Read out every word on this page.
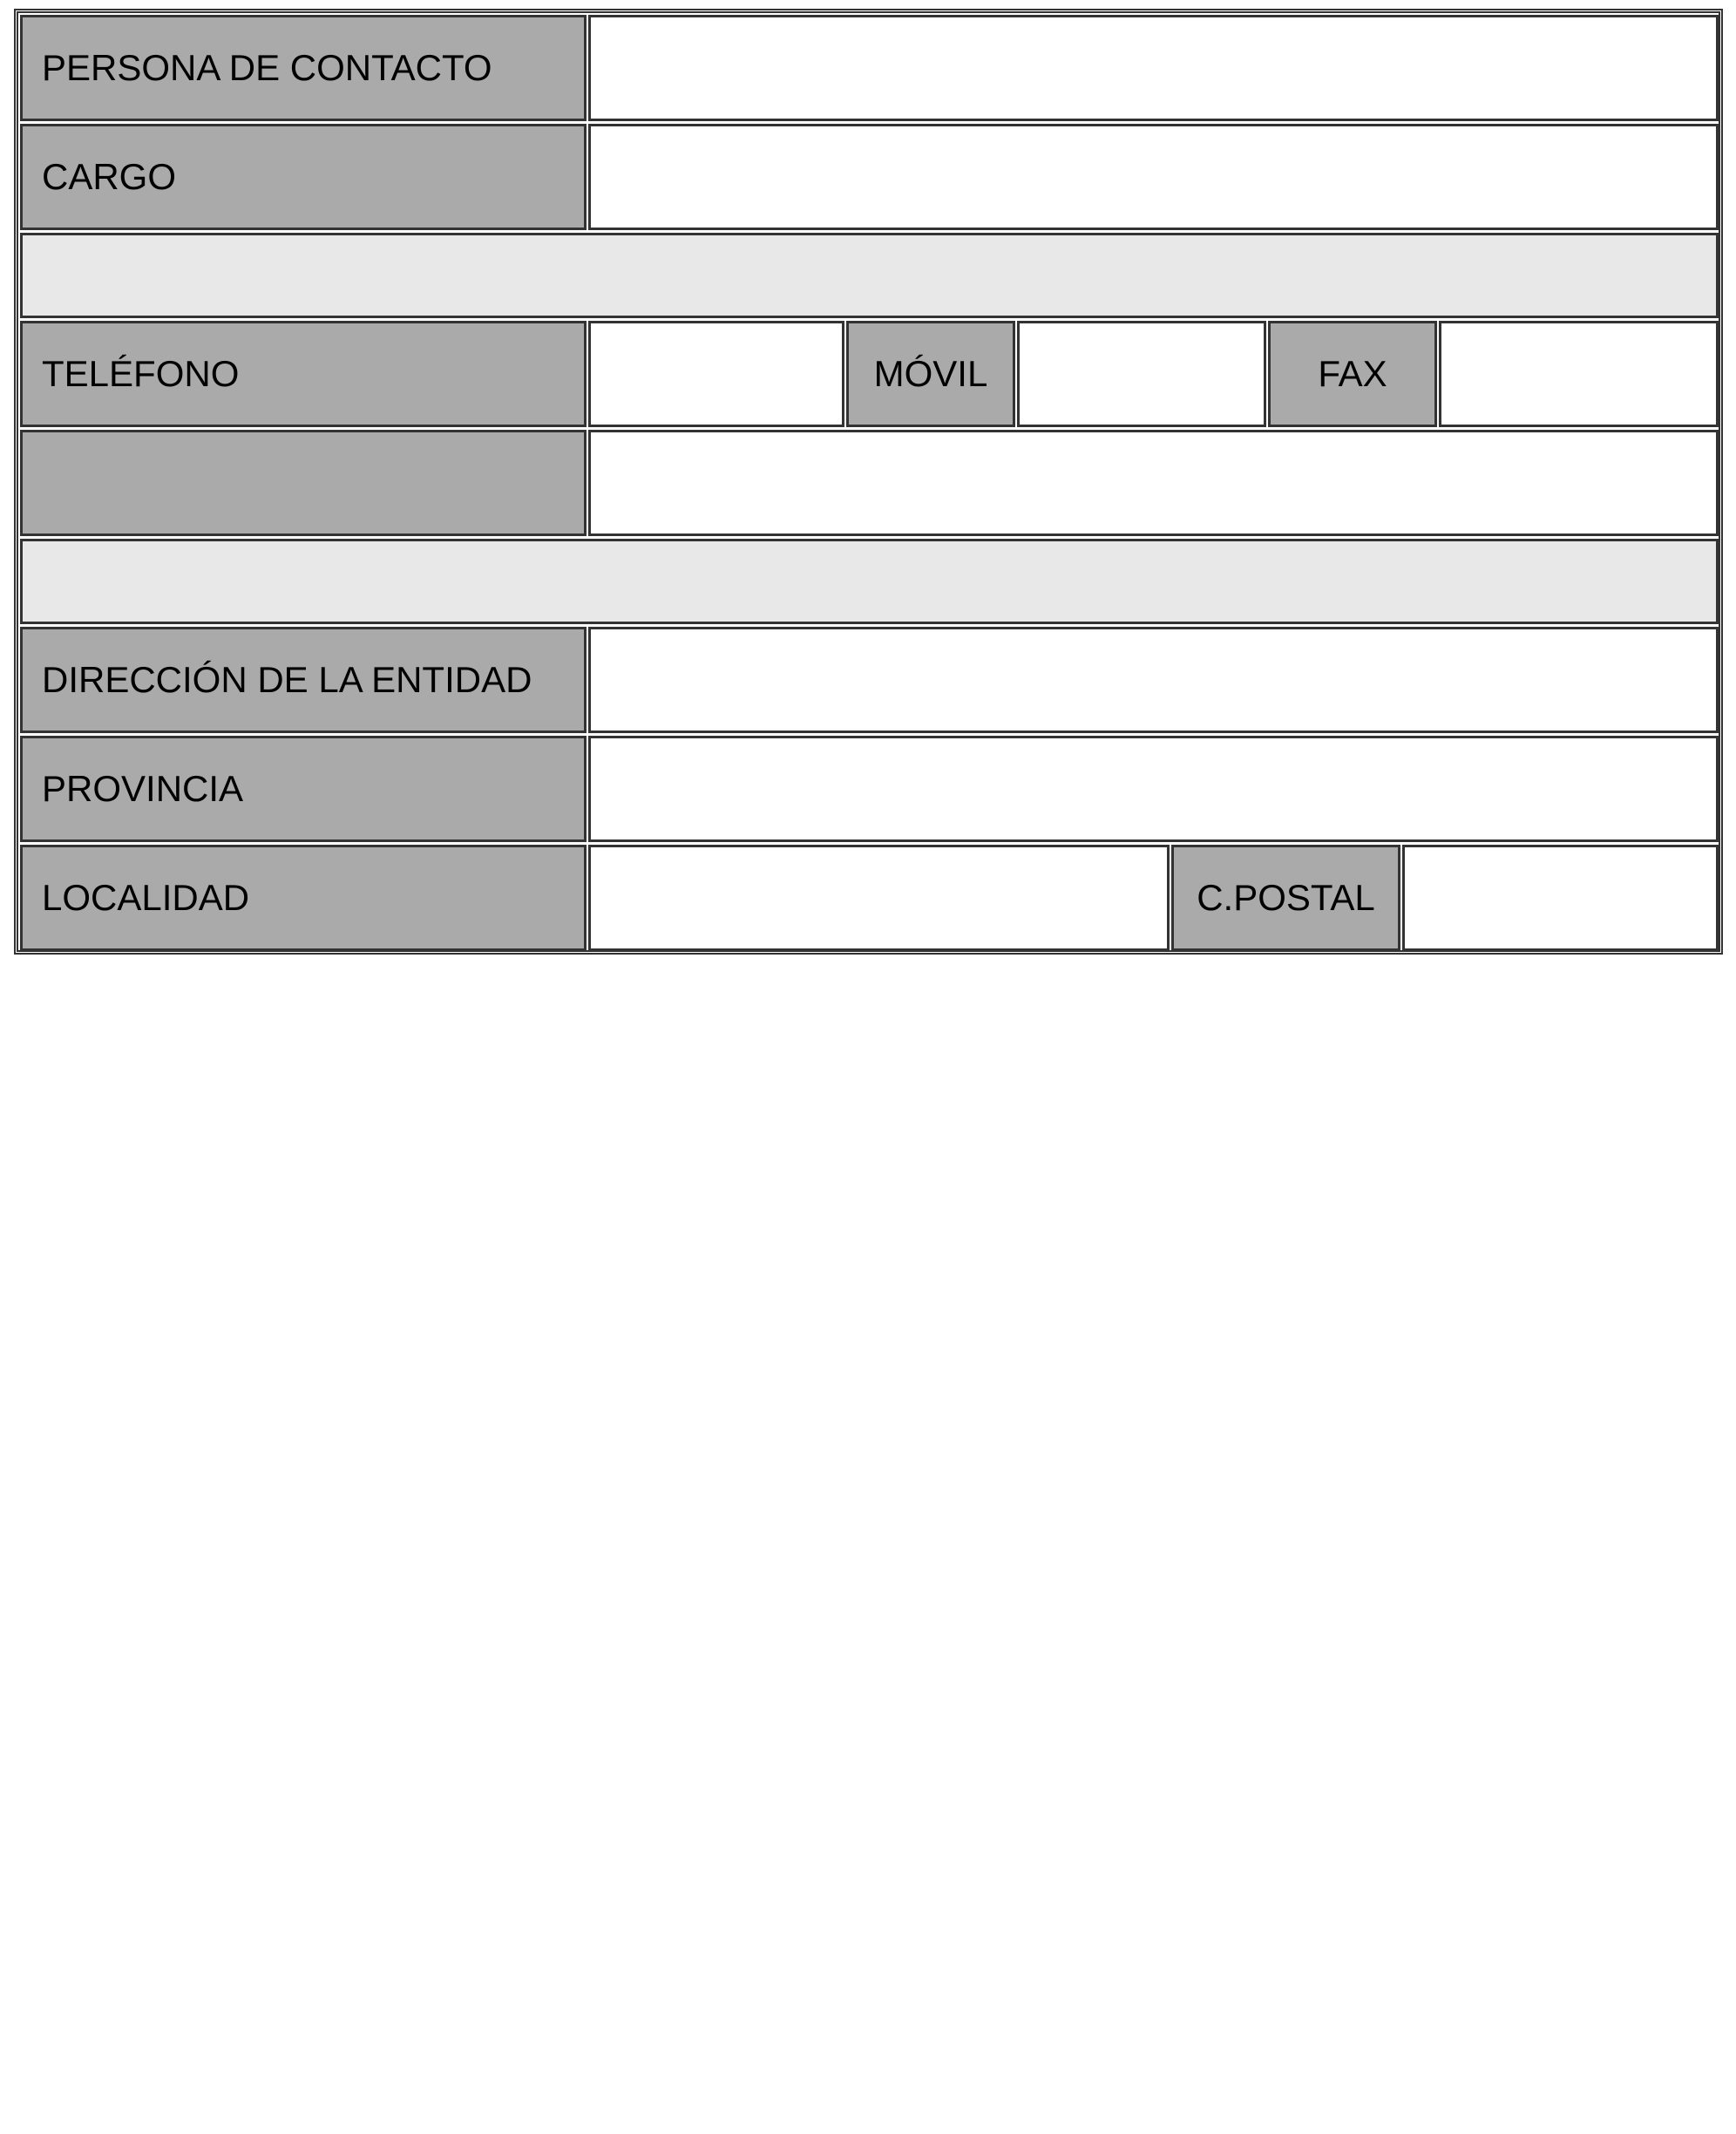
PERSONA DE CONTACTO
CARGO
TELÉFONO	MÓVIL	FAX
DIRECCIÓN DE LA ENTIDAD
PROVINCIA
LOCALIDAD	C.POSTAL
